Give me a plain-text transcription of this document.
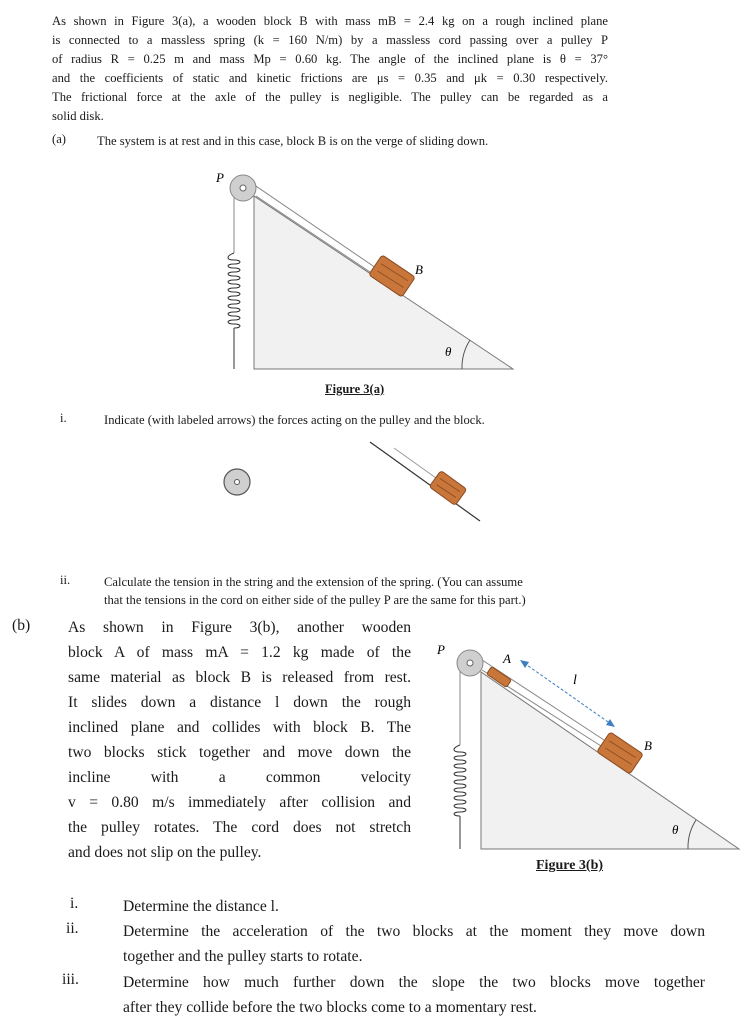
As shown in Figure 3(a), a wooden block B with mass mB = 2.4 kg on a rough inclined plane
is connected to a massless spring (k = 160 N/m) by a massless cord passing over a pulley P
of radius R = 0.25 m and mass Mp = 0.60 kg. The angle of the inclined plane is θ = 37°
and the coefficients of static and kinetic frictions are μs = 0.35 and μk = 0.30 respectively.
The frictional force at the axle of the pulley is negligible. The pulley can be regarded as a
solid disk.
(a) The system is at rest and in this case, block B is on the verge of sliding down.
P
B
θ
Figure 3(a)
i.	Indicate (with labeled arrows) the forces acting on the pulley and the block.
ii.	Calculate the tension in the string and the extension of the spring. (You can assume
that the tensions in the cord on either side of the pulley P are the same for this part.)
(b) As shown in Figure 3(b), another wooden
block A of mass mA = 1.2 kg made of the
same material as block B is released from rest.
It slides down a distance l down the rough
inclined plane and collides with block B. The
two blocks stick together and move down the
incline with a common velocity
v = 0.80 m/s immediately after collision and
the pulley rotates. The cord does not stretch
and does not slip on the pulley.
P
A
l
B
θ
Figure 3(b)
i.	Determine the distance l.
ii.	Determine the acceleration of the two blocks at the moment they move down
together and the pulley starts to rotate.
iii.	Determine how much further down the slope the two blocks move together
after they collide before the two blocks come to a momentary rest.
